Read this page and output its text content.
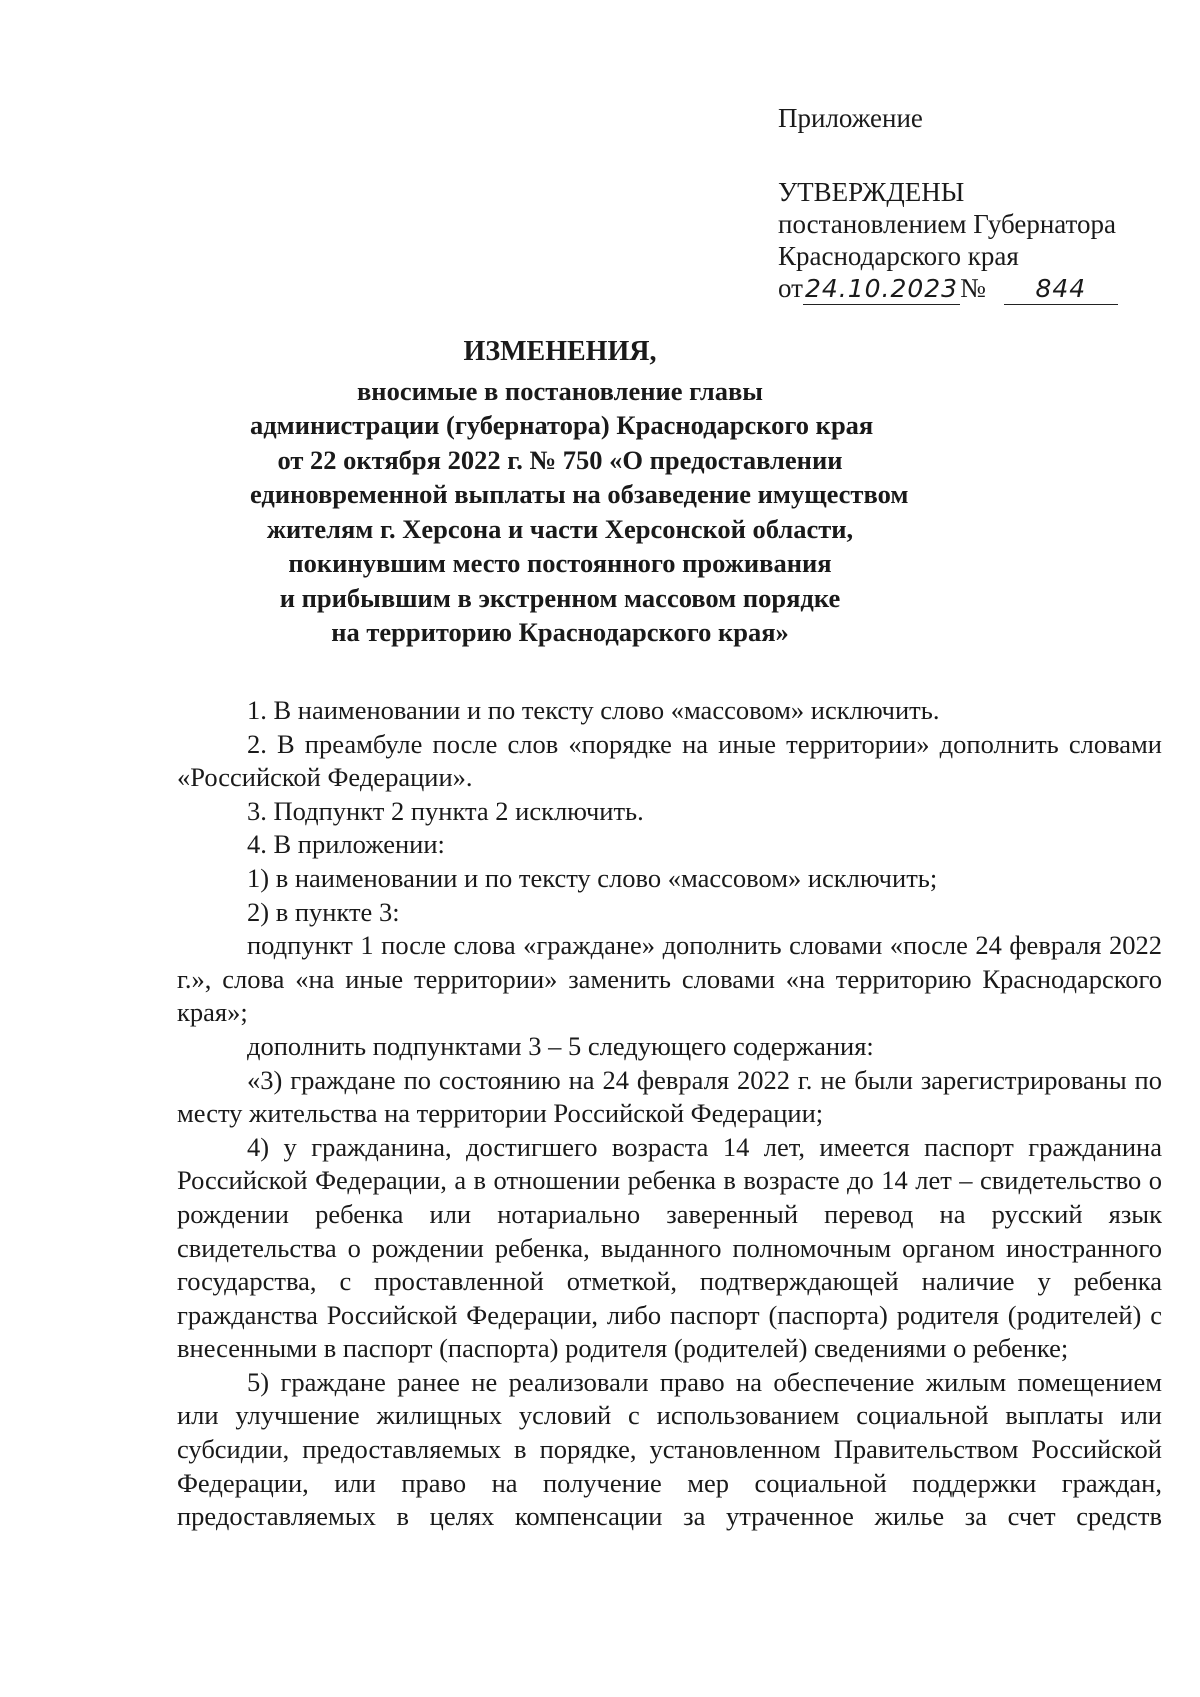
Приложение
УТВЕРЖДЕНЫ
постановлением Губернатора
Краснодарского края
от24.10.2023№ 844
ИЗМЕНЕНИЯ,
вносимые в постановление главы
администрации (губернатора) Краснодарского края
от 22 октября 2022 г. № 750 «О предоставлении
единовременной выплаты на обзаведение имуществом
жителям г. Херсона и части Херсонской области,
покинувшим место постоянного проживания
и прибывшим в экстренном массовом порядке
на территорию Краснодарского края»

1. В наименовании и по тексту слово «массовом» исключить.

2. В преамбуле после слов «порядке на иные территории» дополнить словами «Российской Федерации».

3. Подпункт 2 пункта 2 исключить.

4. В приложении:

1) в наименовании и по тексту слово «массовом» исключить;

2) в пункте 3:

подпункт 1 после слова «граждане» дополнить словами «после 24 февраля 2022 г.», слова «на иные территории» заменить словами «на территорию Краснодарского края»;

дополнить подпунктами 3 – 5 следующего содержания:

«3) граждане по состоянию на 24 февраля 2022 г. не были зарегистрированы по месту жительства на территории Российской Федерации;

4) у гражданина, достигшего возраста 14 лет, имеется паспорт гражданина Российской Федерации, а в отношении ребенка в возрасте до 14 лет – свидетельство о рождении ребенка или нотариально заверенный перевод на русский язык свидетельства о рождении ребенка, выданного полномочным органом иностранного государства, с проставленной отметкой, подтверждающей наличие у ребенка гражданства Российской Федерации, либо паспорт (паспорта) родителя (родителей) с внесенными в паспорт (паспорта) родителя (родителей) сведениями о ребенке;

5) граждане ранее не реализовали право на обеспечение жилым помещением или улучшение жилищных условий с использованием социальной выплаты или субсидии, предоставляемых в порядке, установленном Правительством Российской Федерации, или право на получение мер социальной поддержки граждан, предоставляемых в целях компенсации за утраченное жилье за счет средств
